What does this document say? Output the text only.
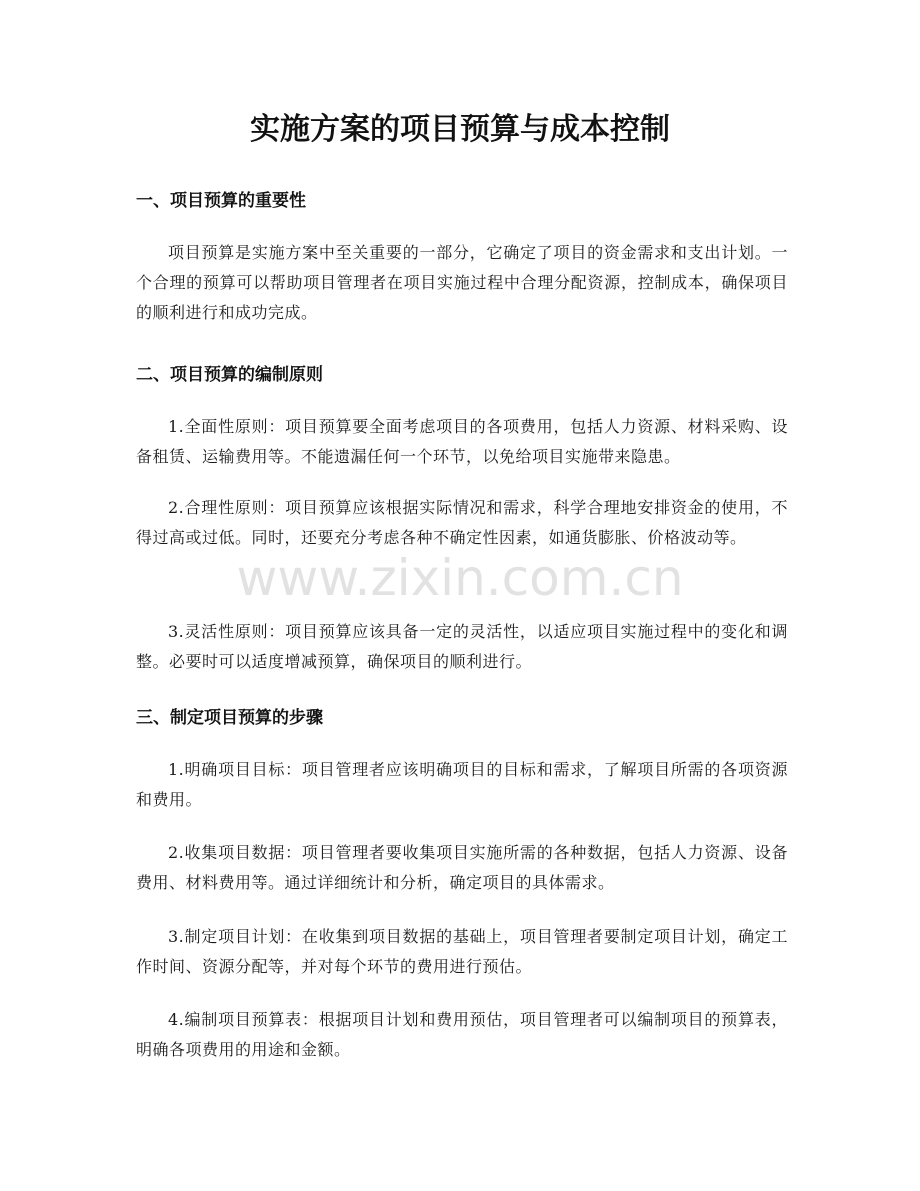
实施方案的项目预算与成本控制
一、项目预算的重要性

项目预算是实施方案中至关重要的一部分，它确定了项目的资金需求和支出计划。一个合理的预算可以帮助项目管理者在项目实施过程中合理分配资源，控制成本，确保项目的顺利进行和成功完成。

二、项目预算的编制原则

1.全面性原则：项目预算要全面考虑项目的各项费用，包括人力资源、材料采购、设备租赁、运输费用等。不能遗漏任何一个环节，以免给项目实施带来隐患。

2.合理性原则：项目预算应该根据实际情况和需求，科学合理地安排资金的使用，不得过高或过低。同时，还要充分考虑各种不确定性因素，如通货膨胀、价格波动等。

3.灵活性原则：项目预算应该具备一定的灵活性，以适应项目实施过程中的变化和调整。必要时可以适度增减预算，确保项目的顺利进行。

三、制定项目预算的步骤

1.明确项目目标：项目管理者应该明确项目的目标和需求，了解项目所需的各项资源和费用。

2.收集项目数据：项目管理者要收集项目实施所需的各种数据，包括人力资源、设备费用、材料费用等。通过详细统计和分析，确定项目的具体需求。

3.制定项目计划：在收集到项目数据的基础上，项目管理者要制定项目计划，确定工作时间、资源分配等，并对每个环节的费用进行预估。

4.编制项目预算表：根据项目计划和费用预估，项目管理者可以编制项目的预算表，明确各项费用的用途和金额。

www.zixin.com.cn
